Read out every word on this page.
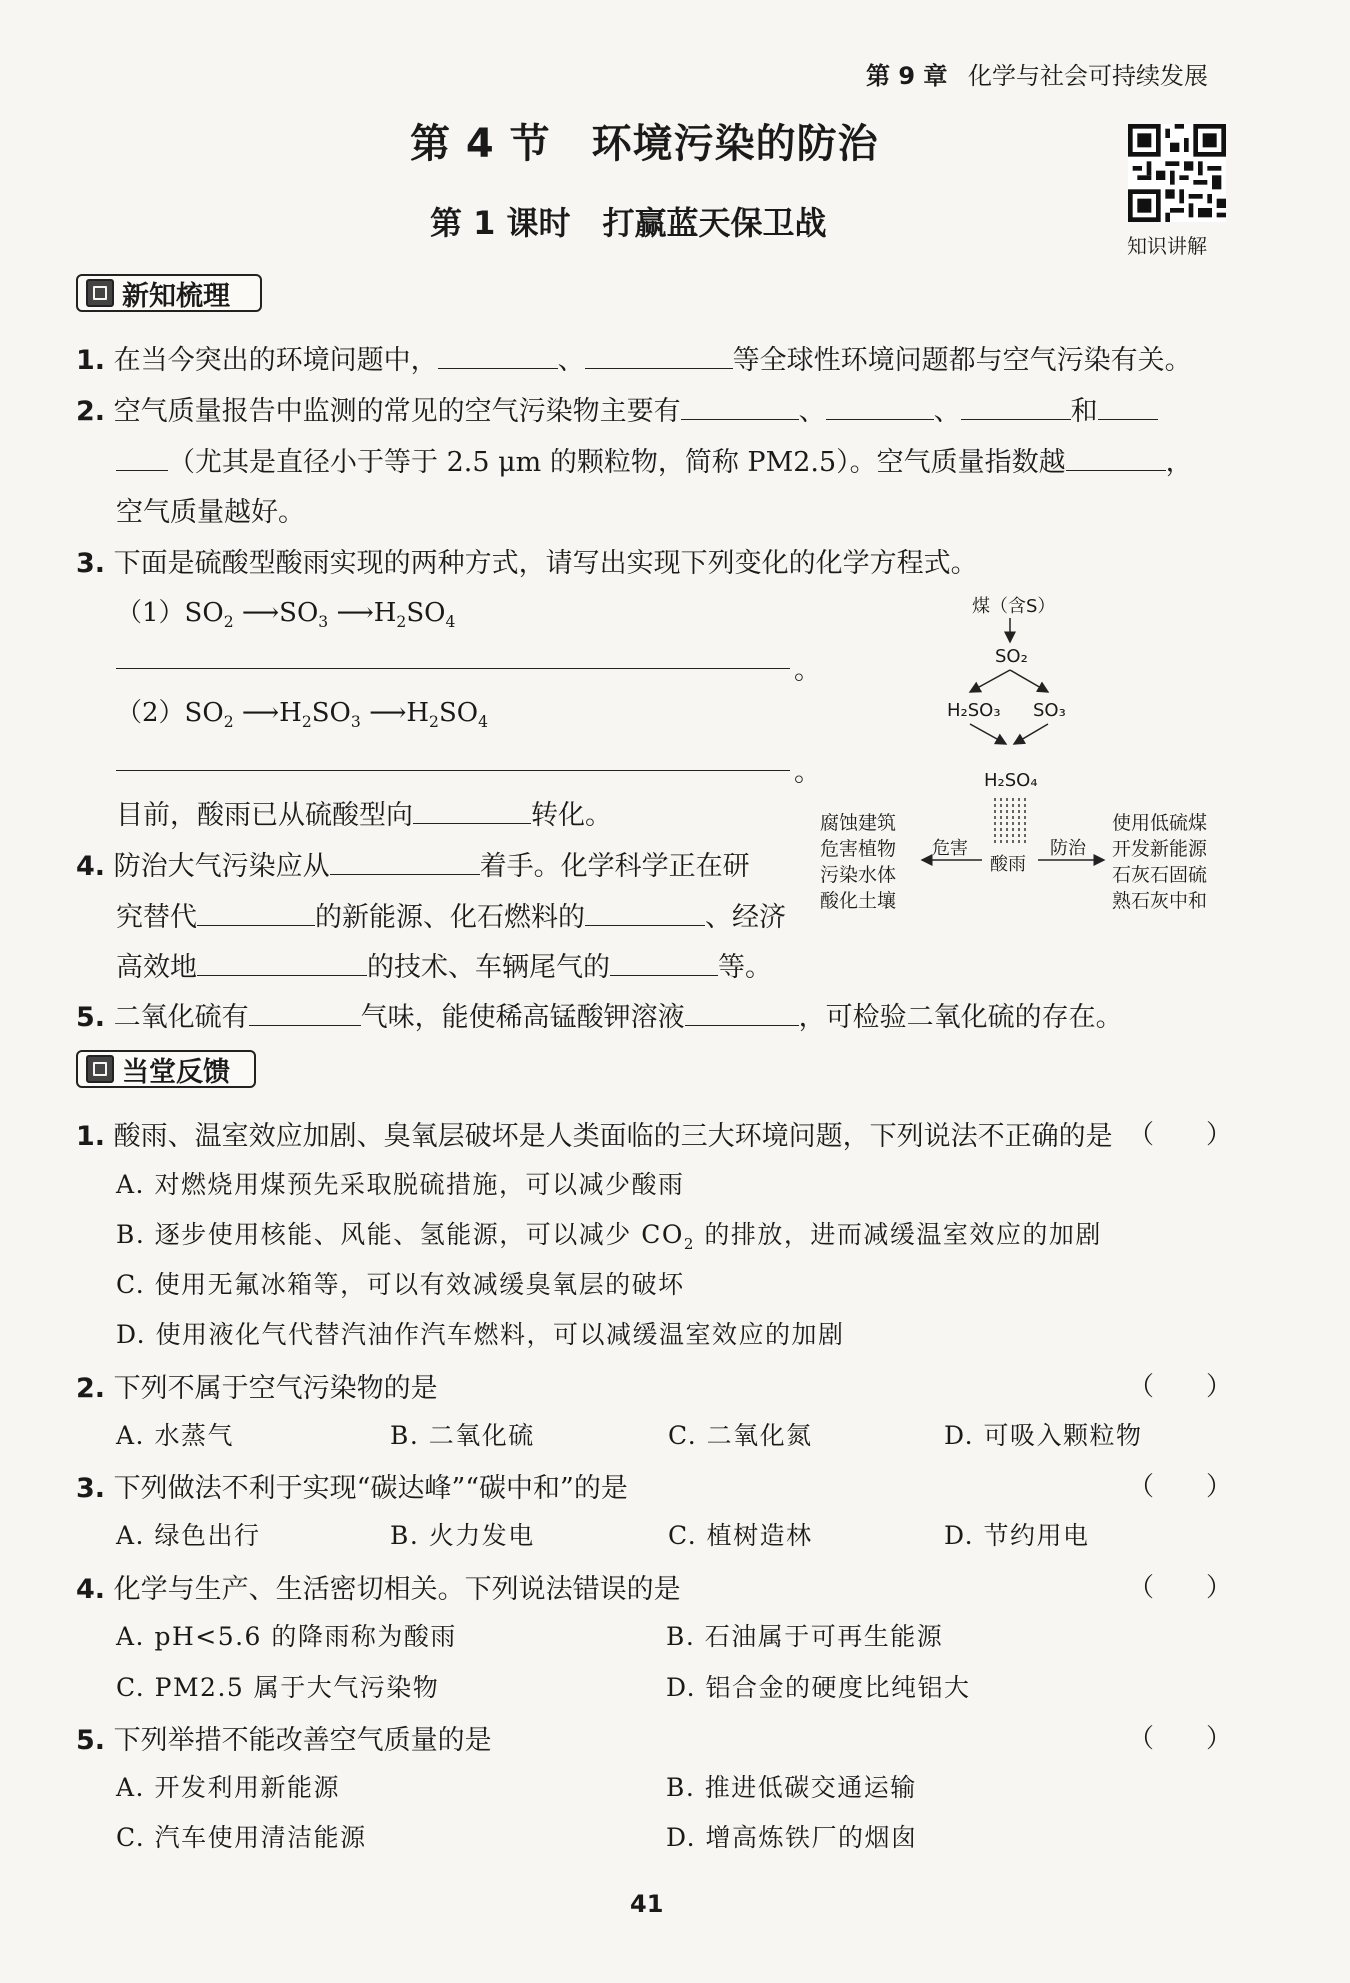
第 9 章 化学与社会可持续发展
第 4 节　环境污染的防治
第 1 课时　打赢蓝天保卫战
知识讲解
新知梳理
1. 在当今突出的环境问题中，	、	等全球性环境问题都与空气污染有关。
2. 空气质量报告中监测的常见的空气污染物主要有	、	、	和
（尤其是直径小于等于 2.5 μm 的颗粒物，简称 PM2.5）。空气质量指数越	，
空气质量越好。
3. 下面是硫酸型酸雨实现的两种方式，请写出实现下列变化的化学方程式。
$(1)SO_2$ $⟶SO_3$ $⟶H_2SO_4$
。
$(2)SO_2$ $⟶H_2SO_3$ $⟶H_2SO_4$
。
目前，酸雨已从硫酸型向	转化。
4. 防治大气污染应从	着手。化学科学正在研
究替代	的新能源、化石燃料的	、经济
高效地	的技术、车辆尾气的	等。
5. 二氧化硫有	气味，能使稀高锰酸钾溶液	，可检验二氧化硫的存在。
煤（含S）
SO₂
H₂SO₃ SO₃
H₂SO₄
酸雨
危害	防治
腐蚀建筑
危害植物
污染水体
酸化土壤
使用低硫煤
开发新能源
石灰石固硫
熟石灰中和
当堂反馈
1. 酸雨、温室效应加剧、臭氧层破坏是人类面临的三大环境问题，下列说法不正确的是 （　　）
A. 对燃烧用煤预先采取脱硫措施，可以减少酸雨
B. 逐步使用核能、风能、氢能源，可以减少 $CO_2$ 的排放，进而减缓温室效应的加剧
C. 使用无氟冰箱等，可以有效减缓臭氧层的破坏
D. 使用液化气代替汽油作汽车燃料，可以减缓温室效应的加剧
2. 下列不属于空气污染物的是	（　　）
A. 水蒸气	B. 二氧化硫	C. 二氧化氮	D. 可吸入颗粒物
3. 下列做法不利于实现“碳达峰”“碳中和”的是	（　　）
A. 绿色出行	B. 火力发电	C. 植树造林	D. 节约用电
4. 化学与生产、生活密切相关。下列说法错误的是	（　　）
A. pH<5.6 的降雨称为酸雨	B. 石油属于可再生能源
C. PM2.5 属于大气污染物	D. 铝合金的硬度比纯铝大
5. 下列举措不能改善空气质量的是	（　　）
A. 开发利用新能源	B. 推进低碳交通运输
C. 汽车使用清洁能源	D. 增高炼铁厂的烟囱
41
